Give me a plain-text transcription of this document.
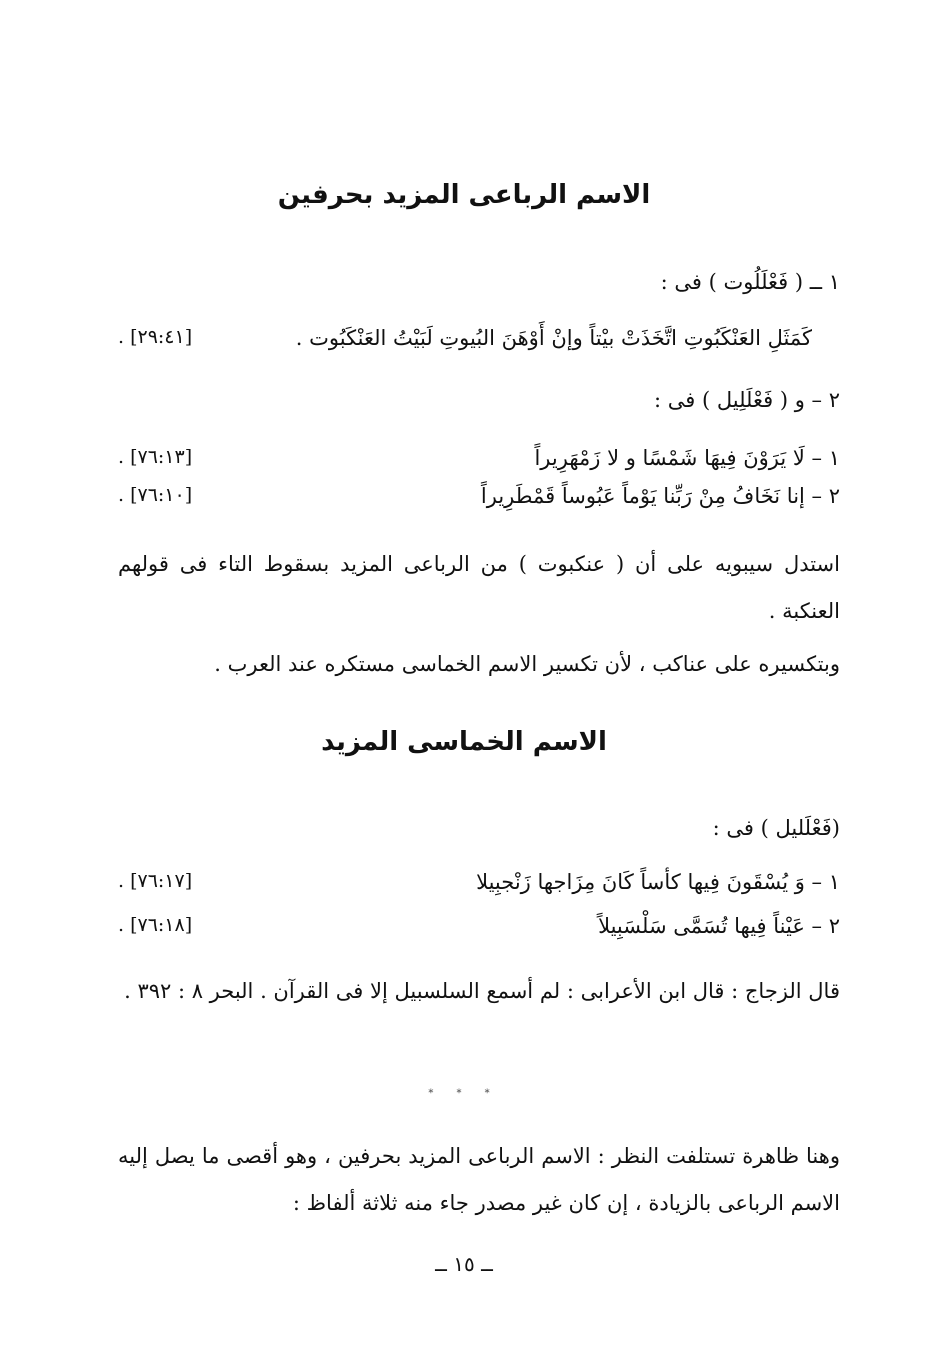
الاسم الرباعى المزيد بحرفين
١ ــ ( فَعْلَلُوت ) فى :
كَمَثَلِ العَنْكَبُوتِ اتَّخَذَتْ بيْتاً وإنْ أَوْهَنَ البُيوتِ لَبَيْتُ العَنْكَبُوت .
[٢٩:٤١] .
٢ – و ( فَعْلَلِيل ) فى :
١ – لَا يَرَوْنَ فِيهَا شَمْسًا و لا زَمْهَرِيراً
[٧٦:١٣] .
٢ – إنا نَخَافُ مِنْ رَبِّنا يَوْماً عَبُوساً قَمْطَرِيراً
[٧٦:١٠] .
استدل سيبويه على أن ( عنكبوت ) من الرباعى المزيد بسقوط التاء فى قولهم العنكبة .
وبتكسيره على عناكب ، لأن تكسير الاسم الخماسى مستكره عند العرب .
الاسم الخماسى المزيد
(فَعْلَليل ) فى :
١ – وَ يُسْقَونَ فِيها كأساً كَانَ مِزَاجها زَنْجبِيلا
[٧٦:١٧] .
٢ – عَيْناً فِيها تُسَمَّى سَلْسَبِيلاً
[٧٦:١٨] .
قال الزجاج : قال ابن الأعرابى : لم أسمع السلسبيل إلا فى القرآن . البحر ٨ : ٣٩٢ .
* * *
وهنا ظاهرة تستلفت النظر : الاسم الرباعى المزيد بحرفين ، وهو أقصى ما يصل إليه الاسم الرباعى بالزيادة ، إن كان غير مصدر جاء منه ثلاثة ألفاظ :
ــ ١٥ ــ
